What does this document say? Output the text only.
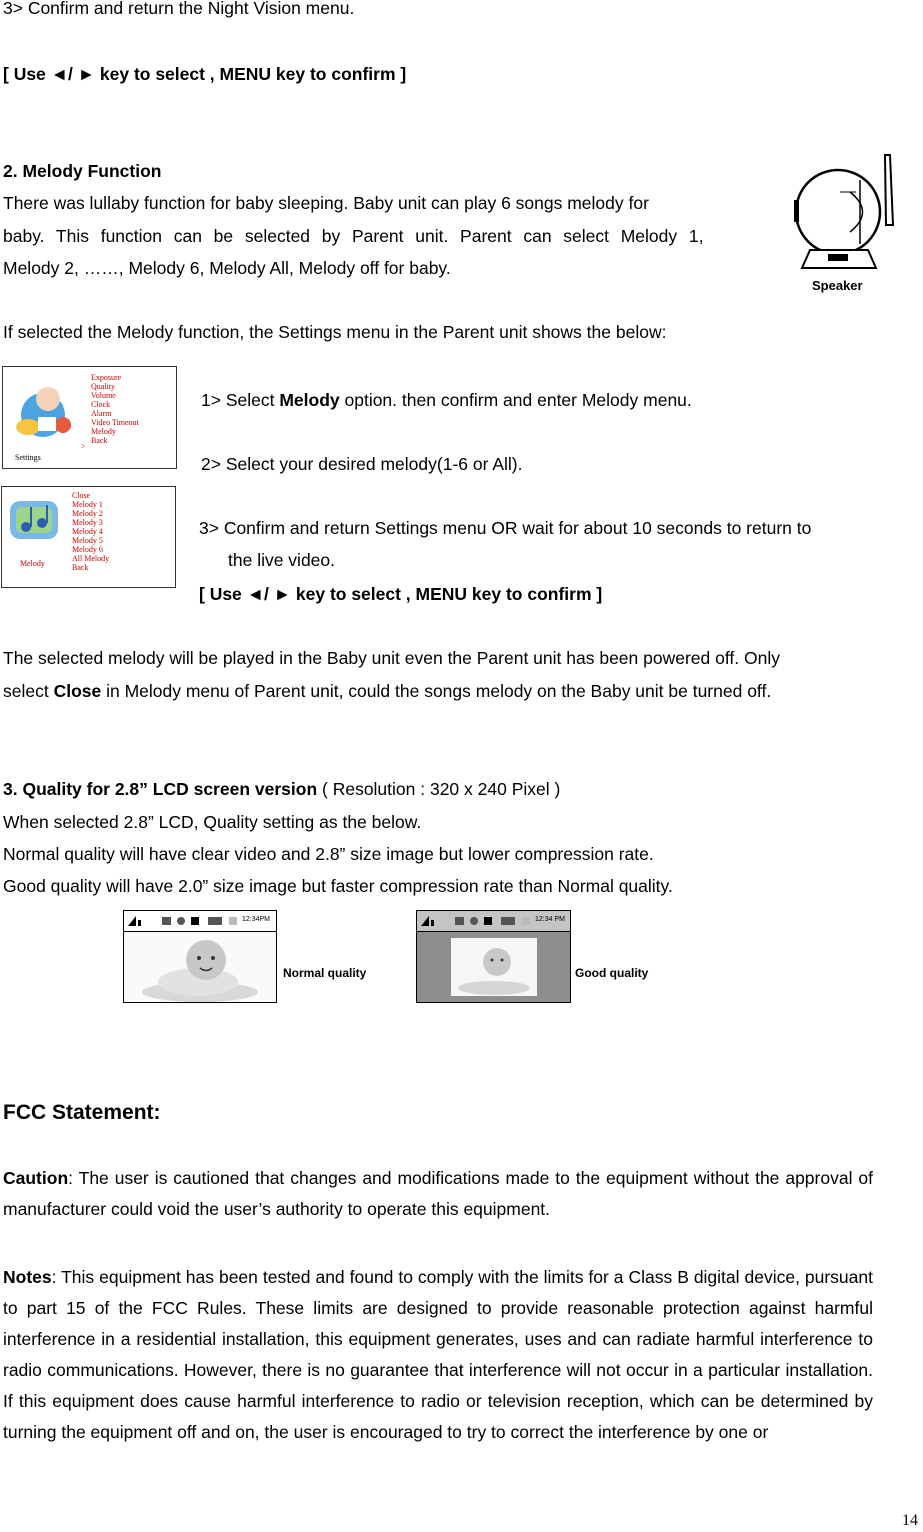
3> Confirm and return the Night Vision menu.
[ Use ◄/ ► key to select , MENU key to confirm ]
2. Melody Function
There was lullaby function for baby sleeping. Baby unit can play 6 songs melody for
baby.  This  function  can  be  selected  by  Parent  unit.  Parent  can  select  Melody  1,
Melody 2, ……, Melody 6, Melody All, Melody off for baby.
Speaker
If selected the Melody function, the Settings menu in the Parent unit shows the below:
Settings
>
Exposure
Quality
Volume
Clock
Alarm
Video Timeout
Melody
Back
1> Select Melody option. then confirm and enter Melody menu.
2> Select your desired melody(1-6 or All).
Melody
Close
Melody 1
Melody 2
Melody 3
Melody 4
Melody 5
Melody 6
All Melody
Back
3> Confirm and return Settings menu OR wait for about 10 seconds to return to
the live video.
[ Use ◄/ ► key to select , MENU key to confirm ]
The selected melody will be played in the Baby unit even the Parent unit has been powered off. Only
select Close in Melody menu of Parent unit, could the songs melody on the Baby unit be turned off.
3. Quality for 2.8” LCD screen version ( Resolution : 320 x 240 Pixel )
When selected 2.8” LCD, Quality setting as the below.
Normal quality will have clear video and 2.8” size image but lower compression rate.
Good quality will have 2.0” size image but faster compression rate than Normal quality.
12:34PM
Normal quality
12:34 PM
Good quality
FCC Statement:
Caution: The user is cautioned that changes and modifications made to the equipment without the approval of manufacturer could void the user’s authority to operate this equipment.
Notes: This equipment has been tested and found to comply with the limits for a Class B digital device, pursuant to part 15 of the FCC Rules. These limits are designed to provide reasonable protection against harmful interference in a residential installation, this equipment generates, uses and can radiate harmful interference to radio communications. However, there is no guarantee that interference will not occur in a particular installation. If this equipment does cause harmful interference to radio or television reception, which can be determined by turning the equipment off and on, the user is encouraged to try to correct the interference by one or
14
